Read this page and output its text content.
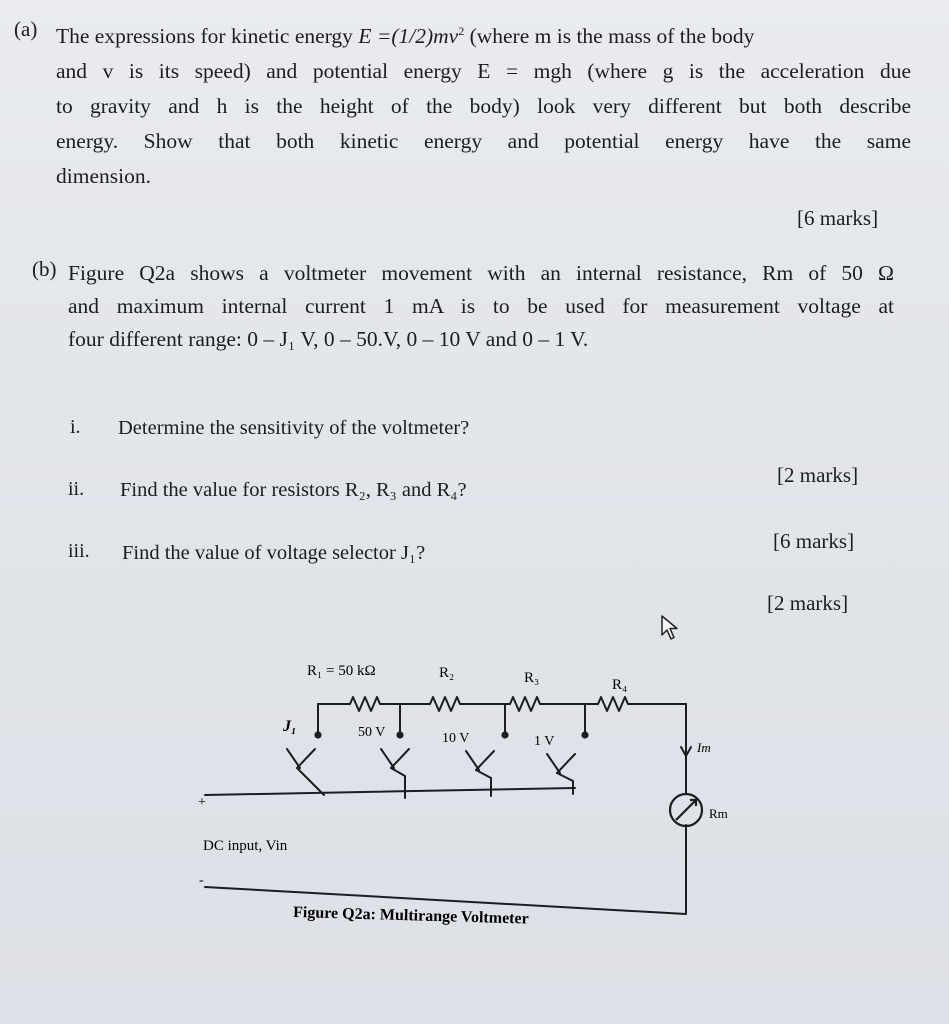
(a) The expressions for kinetic energy $E =(1/2)mv^2$ (where m is the mass of the body
and v is its speed) and potential energy E = mgh (where g is the acceleration due
to gravity and h is the height of the body) look very different but both describe
energy. Show that both kinetic energy and potential energy have the same
dimension.
[6 marks]
(b) Figure Q2a shows a voltmeter movement with an internal resistance, Rm of 50 Ω
and maximum internal current 1 mA is to be used for measurement voltage at
four different range: 0 – J₁ V, 0 – 50.V, 0 – 10 V and 0 – 1 V.
i. Determine the sensitivity of the voltmeter?
ii. Find the value for resistors R₂, R₃ and R₄?
iii. Find the value of voltage selector J₁?
[2 marks]
[6 marks]
[2 marks]
R₁ = 50 kΩ	R₂	R₃	R₄
J₁	50 V	10 V	1 V	Im
Rm
+
-
DC input, Vin
Figure Q2a: Multirange Voltmeter
